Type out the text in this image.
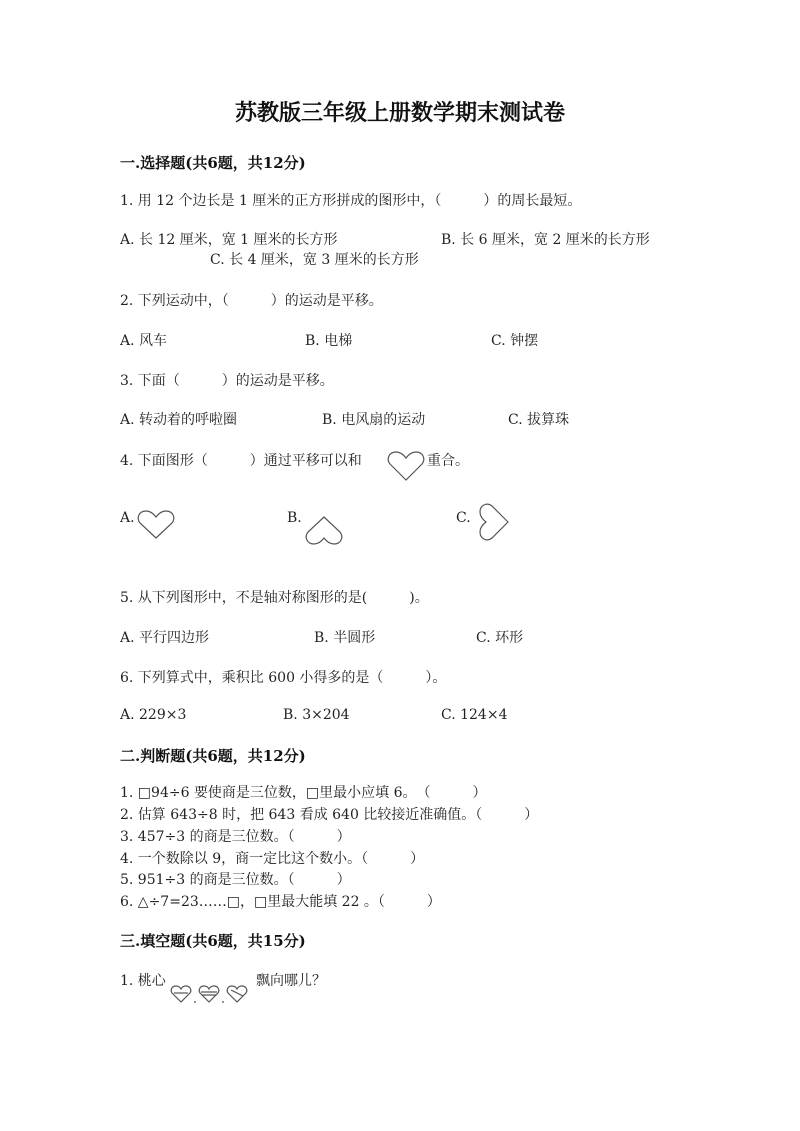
苏教版三年级上册数学期末测试卷
一.选择题(共6题，共12分)
1. 用 12 个边长是 1 厘米的正方形拼成的图形中，（　　　）的周长最短。
A. 长 12 厘米，宽 1 厘米的长方形	B. 长 6 厘米，宽 2 厘米的长方形
C. 长 4 厘米，宽 3 厘米的长方形
2. 下列运动中，（　　　）的运动是平移。
A. 风车	B. 电梯	C. 钟摆
3. 下面（　　　）的运动是平移。
A. 转动着的呼啦圈	B. 电风扇的运动	C. 拔算珠
4. 下面图形（　　　）通过平移可以和	重合。
A.	B.	C.
5. 从下列图形中，不是轴对称图形的是(　　　)。
A. 平行四边形	B. 半圆形	C. 环形
6. 下列算式中，乘积比 600 小得多的是（　　　）。
A. 229×3	B. 3×204	C. 124×4
二.判断题(共6题，共12分)
1. □94÷6 要使商是三位数，□里最小应填 6。　（　　　）
2. 估算 643÷8 时，把 643 看成 640 比较接近准确值。（　　　）
3. 457÷3 的商是三位数。（　　　）
4. 一个数除以 9，商一定比这个数小。（　　　）
5. 951÷3 的商是三位数。（　　　）
6. △÷7=23……□，□里最大能填 22 。（　　　）
三.填空题(共6题，共15分)
1. 桃心	飘向哪儿？
